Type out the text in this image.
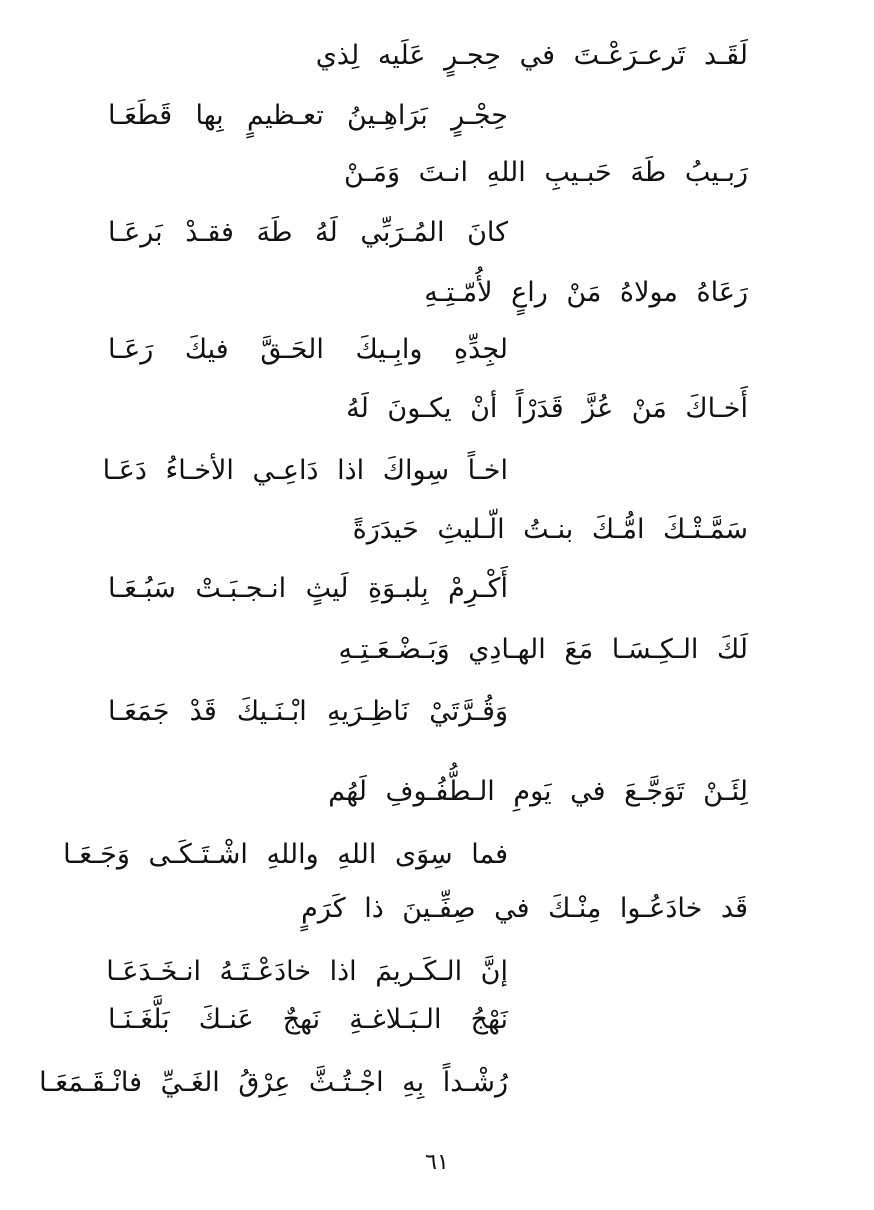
لَقَـد تَرعـرَعْـتَ في حِجـرٍ عَلَيه لِذي
حِجْـرٍ بَرَاهِـينُ تعـظيمٍ بِها قَطَعَـا
رَبـيبُ طَهَ حَبـيبِ اللهِ انـتَ وَمَـنْ
كانَ المُـرَبِّي لَهُ طَهَ فقـدْ بَرعَـا
رَعَاهُ مولاهُ مَنْ راعٍ لأُمّـتِـهِ
لجِدِّهِ وابِـيكَ الحَـقَّ فيكَ رَعَـا
أَخـاكَ مَنْ عُزَّ قَدَرْاً أنْ يكـونَ لَهُ
اخـاً سِواكَ اذا دَاعِـي الأخـاءُ دَعَـا
سَمَّـتْـكَ امُّـكَ بنـتُ الّـليثِ حَيدَرَةً
أَكْـرِمْ بِلبـوَةِ لَيثٍ انـجـبَـتْ سَبُـعَـا
لَكَ الـكِـسَـا مَعَ الهـادِي وَبَـضْـعَـتِـهِ
وَقُـرَّتَيْ نَاظِـرَيهِ ابْـنَـيكَ قَدْ جَمَعَـا
لِئَـنْ تَوَجَّـعَ في يَومِ الـطُّفُـوفِ لَهُم
فما سِوَى اللهِ واللهِ اشْـتَـكَـى وَجَـعَـا
قَد خادَعُـوا مِنْـكَ في صِفِّـينَ ذا كَرَمٍ
إنَّ الـكَـريمَ اذا خادَعْـتَـهُ انـخَـدَعَـا
نَهْجُ الـبَـلاغـةِ نَهجٌ عَنـكَ بَلَّغَـنَـا
رُشْـداً بِهِ اجْـتُـثَّ عِرْقُ الغَـيِّ فانْـقَـمَعَـا
٦١
